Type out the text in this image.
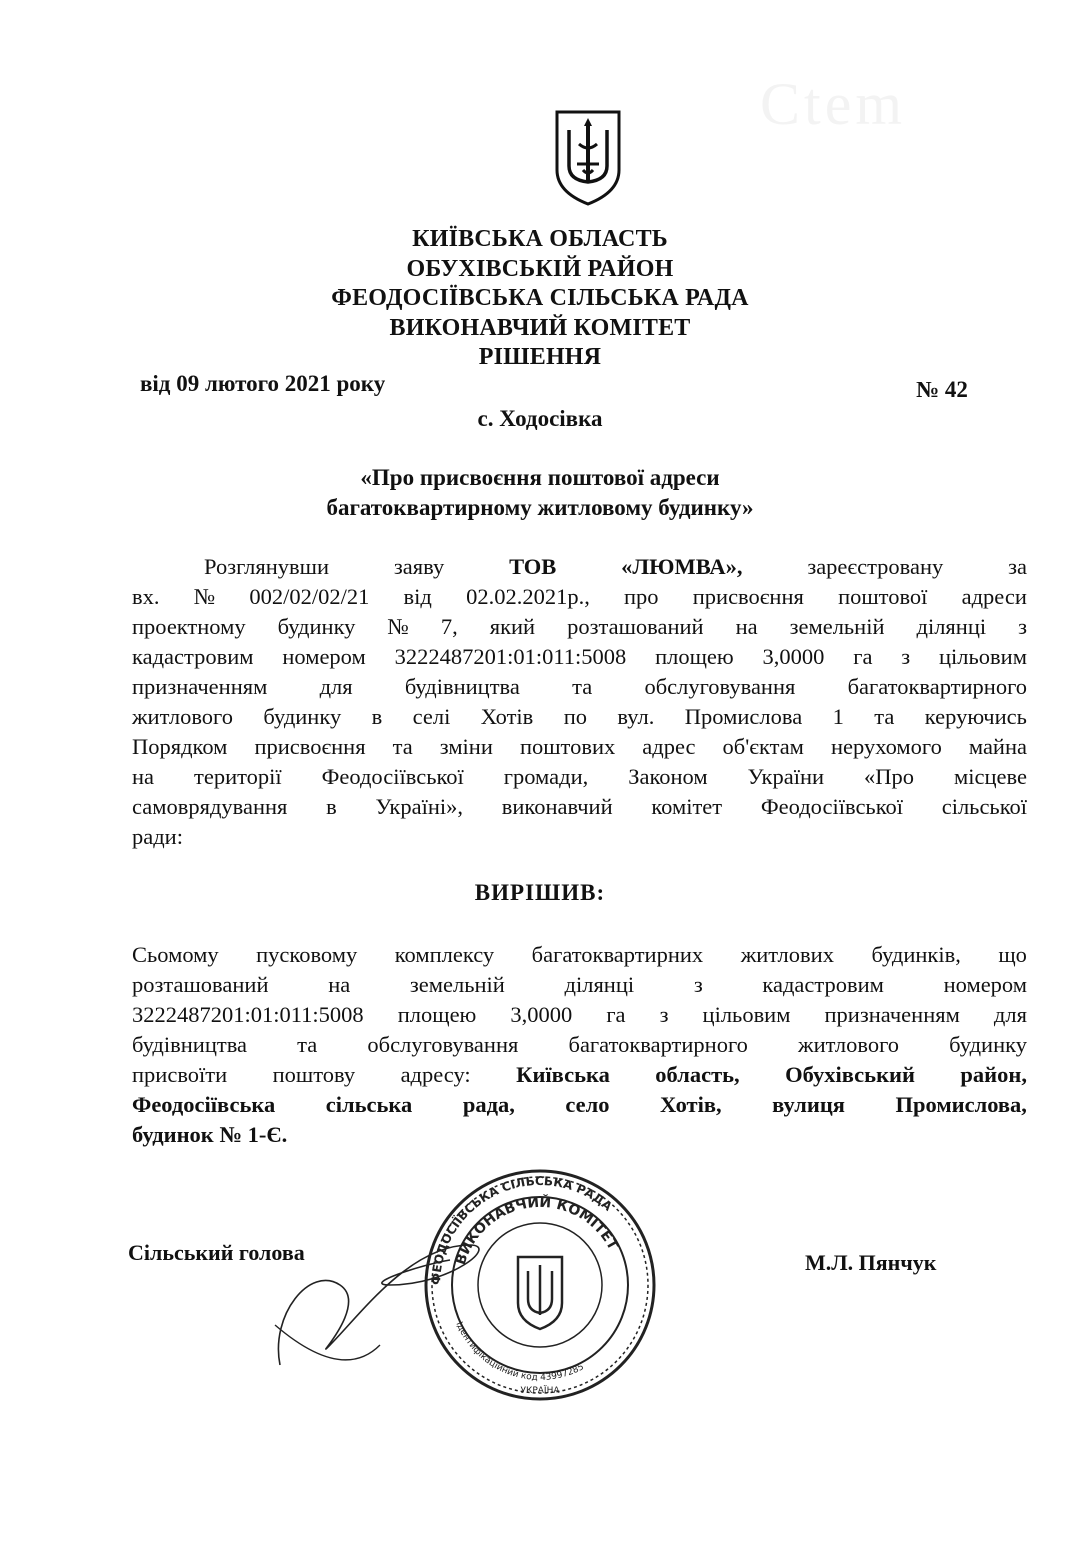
Ctem
КИЇВСЬКА ОБЛАСТЬ
ОБУХІВСЬКІЙ РАЙОН
ФЕОДОСІЇВСЬКА СІЛЬСЬКА РАДА
ВИКОНАВЧИЙ КОМІТЕТ
РІШЕННЯ
від 09 лютого 2021 року	№ 42
с. Ходосівка
«Про присвоєння поштової адреси
багатоквартирному житловому будинку»
Розглянувши	заяву	ТОВ	«ЛЮМВА»,	зареєстровану	за
вх. № 002/02/02/21 від 02.02.2021р., про присвоєння поштової адреси
проектному будинку № 7, який розташований на земельній ділянці з
кадастровим номером 3222487201:01:011:5008 площею 3,0000 га з цільовим
призначенням для будівництва та обслуговування багатоквартирного
житлового будинку в селі Хотів по вул. Промислова 1 та керуючись
Порядком присвоєння та зміни поштових адрес об'єктам нерухомого майна
на території Феодосіївської громади, Законом України «Про місцеве
самоврядування в Україні», виконавчий комітет Феодосіївської сільської
ради:
ВИРІШИВ:
Сьомому пусковому комплексу багатоквартирних житлових будинків, що
розташований	на	земельній	ділянці	з	кадастровим	номером
3222487201:01:011:5008 площею 3,0000 га з цільовим призначенням для
будівництва та обслуговування багатоквартирного житлового будинку
присвоїти поштову адресу: Київська область, Обухівський район,
Феодосіївська сільська рада, село Хотів, вулиця Промислова,
будинок № 1-Є.
Сільський голова	М.Л. Пянчук
ФЕОДОСІЇВСЬКА СІЛЬСЬКА РАДА
ВИКОНАВЧИЙ КОМІТЕТ
Ідентифікаційний код 43997285
УКРАЇНА
